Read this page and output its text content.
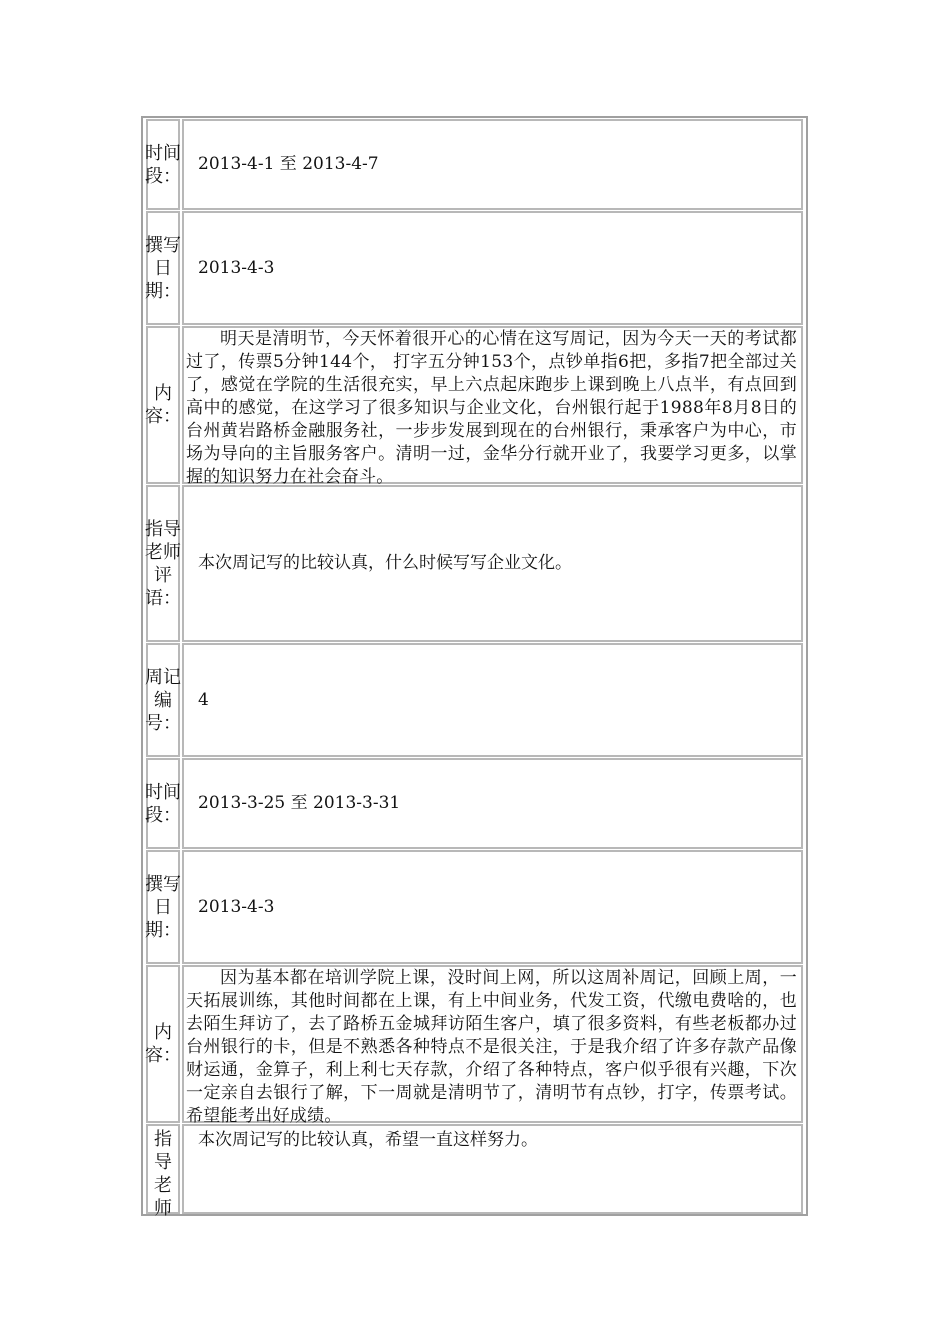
时间段：
2013-4-1 至 2013-4-7
撰写日期：
2013-4-3
内容：
明天是清明节，今天怀着很开心的心情在这写周记，因为今天一天的考试都过了，传票5分钟144个， 打字五分钟153个，点钞单指6把，多指7把全部过关了，感觉在学院的生活很充实，早上六点起床跑步上课到晚上八点半，有点回到高中的感觉，在这学习了很多知识与企业文化，台州银行起于1988年8月8日的台州黄岩路桥金融服务社，一步步发展到现在的台州银行，秉承客户为中心，市场为导向的主旨服务客户。清明一过，金华分行就开业了，我要学习更多，以掌握的知识努力在社会奋斗。
指导老师评语：
本次周记写的比较认真，什么时候写写企业文化。
周记编号：
4
时间段：
2013-3-25 至 2013-3-31
撰写日期：
2013-4-3
内容：
因为基本都在培训学院上课，没时间上网，所以这周补周记，回顾上周，一天拓展训练，其他时间都在上课，有上中间业务，代发工资，代缴电费啥的，也去陌生拜访了，去了路桥五金城拜访陌生客户，填了很多资料，有些老板都办过台州银行的卡，但是不熟悉各种特点不是很关注，于是我介绍了许多存款产品像财运通，金算子，利上利七天存款，介绍了各种特点，客户似乎很有兴趣，下次一定亲自去银行了解，下一周就是清明节了，清明节有点钞，打字，传票考试。希望能考出好成绩。
指导老师
本次周记写的比较认真，希望一直这样努力。
